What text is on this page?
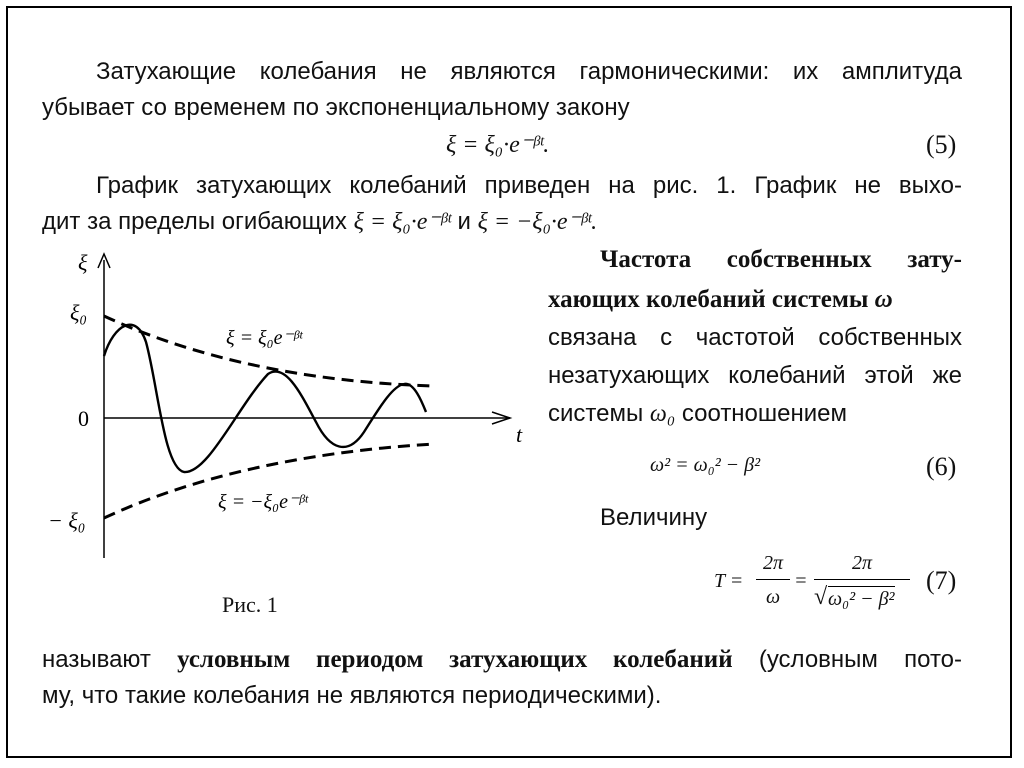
Затухающие колебания не являются гармоническими: их амплитуда
убывает со временем по экспоненциальному закону
ξ = ξ₀·e⁻ᵝᵗ.	(5)
График затухающих колебаний приведен на рис. 1. График не выхо-
дит за пределы огибающих ξ = ξ₀·e⁻ᵝᵗ и ξ = −ξ₀·e⁻ᵝᵗ.
ξ
ξ₀
0
− ξ₀
t
ξ = ξ₀e⁻ᵝᵗ
ξ = −ξ₀e⁻ᵝᵗ
Рис. 1
Частота собственных зату-
хающих колебаний системы ω
связана с частотой собственных
незатухающих колебаний этой же
системы ω₀ соотношением
ω² = ω₀² − β²	(6)
Величину
T =
2π
ω
=
2π
√ ω₀² − β²
(7)
называют условным периодом затухающих колебаний (условным пото-
му, что такие колебания не являются периодическими).
